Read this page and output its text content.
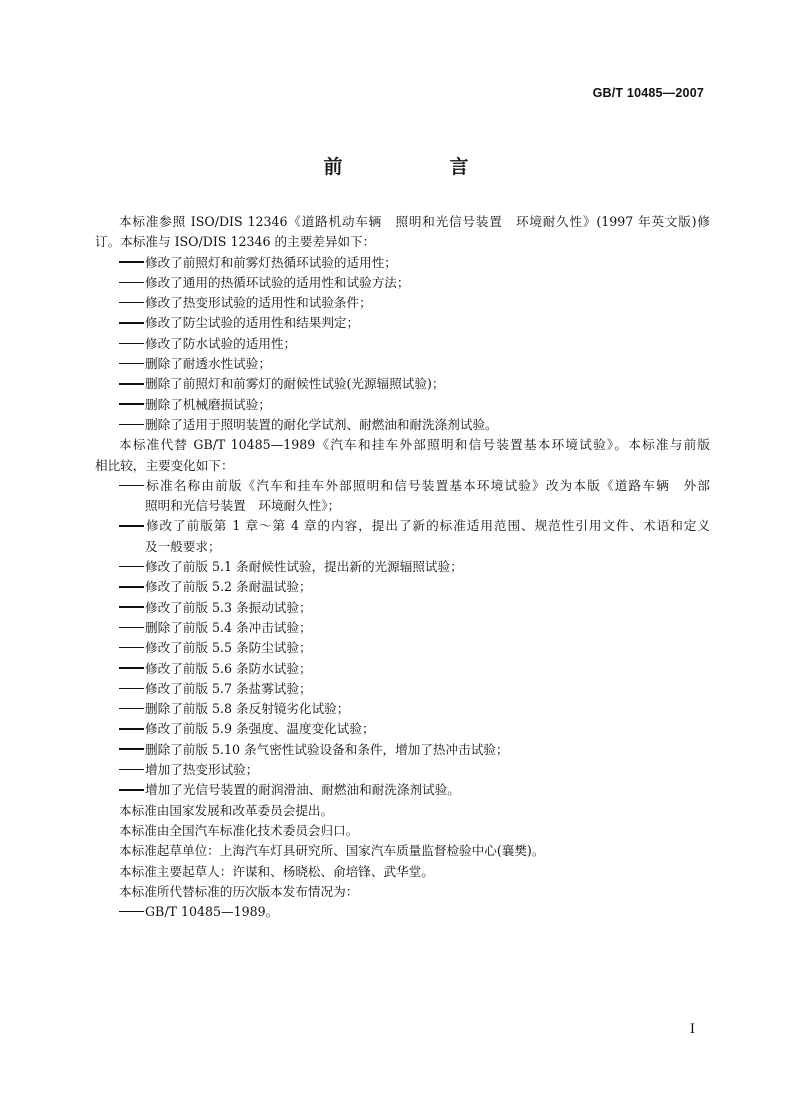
GB/T 10485—2007
前　言
本标准参照 ISO/DIS 12346《道路机动车辆　照明和光信号装置　环境耐久性》(1997 年英文版)修
订。本标准与 ISO/DIS 12346 的主要差异如下：
修改了前照灯和前雾灯热循环试验的适用性；
修改了通用的热循环试验的适用性和试验方法；
修改了热变形试验的适用性和试验条件；
修改了防尘试验的适用性和结果判定；
修改了防水试验的适用性；
删除了耐透水性试验；
删除了前照灯和前雾灯的耐候性试验(光源辐照试验)；
删除了机械磨损试验；
删除了适用于照明装置的耐化学试剂、耐燃油和耐洗涤剂试验。
本标准代替 GB/T 10485—1989《汽车和挂车外部照明和信号装置基本环境试验》。本标准与前版
相比较，主要变化如下：
标准名称由前版《汽车和挂车外部照明和信号装置基本环境试验》改为本版《道路车辆　外部
照明和光信号装置　环境耐久性》；
修改了前版第 1 章～第 4 章的内容，提出了新的标准适用范围、规范性引用文件、术语和定义
及一般要求；
修改了前版 5.1 条耐候性试验，提出新的光源辐照试验；
修改了前版 5.2 条耐温试验；
修改了前版 5.3 条振动试验；
删除了前版 5.4 条冲击试验；
修改了前版 5.5 条防尘试验；
修改了前版 5.6 条防水试验；
修改了前版 5.7 条盐雾试验；
删除了前版 5.8 条反射镜劣化试验；
修改了前版 5.9 条强度、温度变化试验；
删除了前版 5.10 条气密性试验设备和条件，增加了热冲击试验；
增加了热变形试验；
增加了光信号装置的耐润滑油、耐燃油和耐洗涤剂试验。
本标准由国家发展和改革委员会提出。
本标准由全国汽车标准化技术委员会归口。
本标准起草单位：上海汽车灯具研究所、国家汽车质量监督检验中心(襄樊)。
本标准主要起草人：许谋和、杨晓松、俞培锋、武华堂。
本标准所代替标准的历次版本发布情况为：
GB/T 10485—1989。
I
